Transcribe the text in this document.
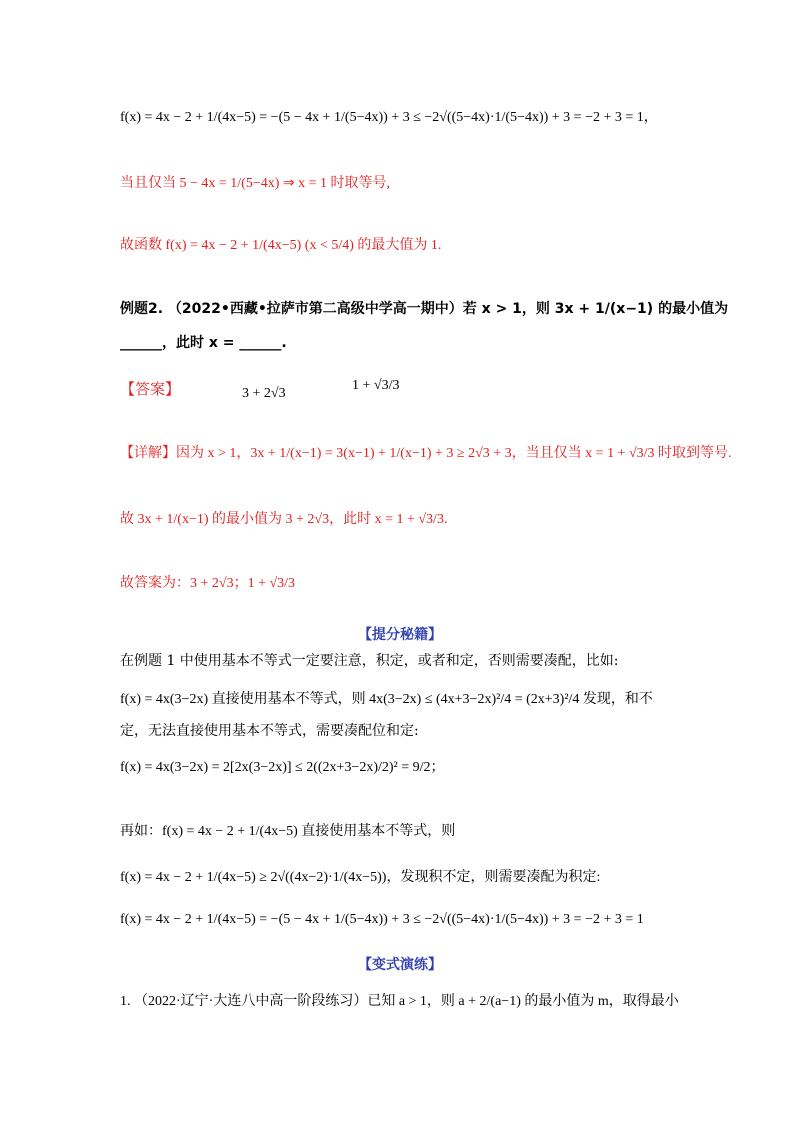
f(x) = 4x − 2 + 1/(4x−5) = −(5 − 4x + 1/(5−4x)) + 3 ≤ −2√((5−4x)·1/(5−4x)) + 3 = −2 + 3 = 1，
当且仅当 5 − 4x = 1/(5−4x) ⇒ x = 1 时取等号,
故函数 f(x) = 4x − 2 + 1/(4x−5) (x < 5/4) 的最大值为 1.
例题2. （2022•西藏•拉萨市第二高级中学高一期中）若 x > 1，则 3x + 1/(x−1) 的最小值为
______，此时 x = ______.
【答案】	3 + 2√3
1 + √3/3
【详解】因为 x > 1，3x + 1/(x−1) = 3(x−1) + 1/(x−1) + 3 ≥ 2√3 + 3，当且仅当 x = 1 + √3/3 时取到等号.
故 3x + 1/(x−1) 的最小值为 3 + 2√3，此时 x = 1 + √3/3.
故答案为：3 + 2√3；1 + √3/3
【提分秘籍】
在例题 1 中使用基本不等式一定要注意，积定，或者和定，否则需要凑配，比如:
f(x) = 4x(3−2x) 直接使用基本不等式，则 4x(3−2x) ≤ (4x+3−2x)²/4 = (2x+3)²/4 发现，和不
定，无法直接使用基本不等式，需要凑配位和定:
f(x) = 4x(3−2x) = 2[2x(3−2x)] ≤ 2((2x+3−2x)/2)² = 9/2；
再如：f(x) = 4x − 2 + 1/(4x−5) 直接使用基本不等式，则
f(x) = 4x − 2 + 1/(4x−5) ≥ 2√((4x−2)·1/(4x−5))，发现积不定，则需要凑配为积定:
f(x) = 4x − 2 + 1/(4x−5) = −(5 − 4x + 1/(5−4x)) + 3 ≤ −2√((5−4x)·1/(5−4x)) + 3 = −2 + 3 = 1
【变式演练】
1. （2022·辽宁·大连八中高一阶段练习）已知 a > 1，则 a + 2/(a−1) 的最小值为 m，取得最小
